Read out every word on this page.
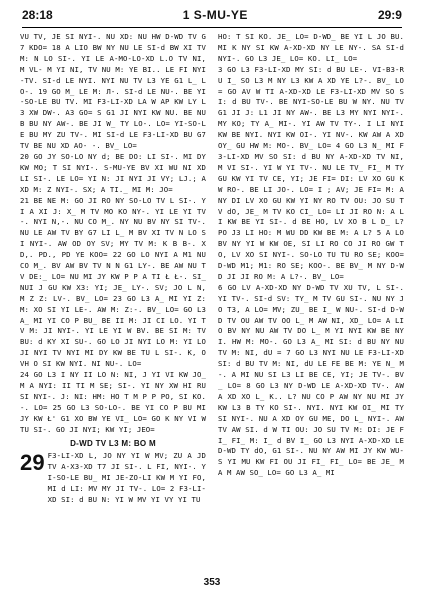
28:18	1 S-MU-YE	29:9

VU TV, JE SI NYI-. NU XD: NU HW D-WD TV G7 KDO= 18 A LIO BW NY NU LE SI-d BW XI TV M: N LO SI-. YI LE A-MO-LO-XD L.O TV NI, M VL- M YI NI, TV NU M: YE BI.. LE FI NYI-TV. SI-d LE NYI. NYI NU TV L3 YE G1 L_ LO-. 19 GO M_ LE M: Л-. SI-d LE NU-. BE YI-SO-LE BU TV. MI F3-LI-XD LA W AP KW LY L3 XW DW-. A3 GO= S G1 JI NYI KW NU. BE NU B BU NY AW-. BE JI W_ TY LO-. LO= YI-SO-LE BU MY ZU TV-. MI SI-d LE F3-LI-XD BU G7 TV BE NU XD AO- -. BV_ LO=

20 GO JY SO-LO NY d; BE DO: LI SI-. MI DY KW MO; T SI NYI-. S-MU-YE BV XI WU NI XD LI SI-. LE LO= YI N: JI NYI JI VY; LJ.; A XD M: Z NYI-. SX; A TI._ MI M: JO=

21 BE NE M: GO JI RO NY SO-LO TV L SI-. YI A XI J: X_ M TV MO KO NY-. YI LE YI TV-. NYI N,-. NU CO M_. NY NU BV NY SI TV-. NU LE AW TV BY G7 LI L_ M BV XI TV N LO SI NYI-. AW OD OY SV; MY TV M: K B B-. XD,. PD., PD YE KOO= 22 GO LO NYI A M1 NU CO M_. BV AW BV TV N N G1 LY-. BE AW NU TV DE:_ LO= NU MI JY KW P P A TI Ł Ł-. SI_ NUI J GU KW X3: YI; JE_ LY-. SV; JO L N, M Z Z: LV-. BV_ LO= 23 GO L3 A_ MI YI Z: M: XO SI YI LE-. AW M: Z:-. BV_ LO= GO L3 A_ MI YI CO P BU_ BE II M: JI CI LO. YI TV M: JI NYI-. YI LE YI W BV. BE SI M: TV BU: d KY XI SU-. GO LO JI NYI LO M: YI LO JI NYI TV NYI MI DY KW BE TU L SI-. K, O VH O SI KW NYI. NI NU-. LO=

24 GO L3 I NY II LO N: NI, J YI VI KW JO_ M A NYI: II TI M SE; SI-. YI NY XW HI RU SI NYI-. J: NI: HM: HO T M P P PO, SI KO.-. LO= 25 GO L3 SO-LO-. BE YI CO P BU MI JY KW Ł' G1 XO BW YE VI_ LO= GO K NY VI W TU SI-. GO JI NYI; KW YI; JEO=

D-WD TV L3 M: BO M
29 F3-LI-XD L, JO NY YI W MV; ZU A JD TV A-X3-XD T7 JI SI-. L FI, NYI-. YI-SO-LE BU_ MI JE-ZO-LI KW M YI FO, MI d LI: MV MY JI TV-. LO= 2 F3-LI-XD SI: d BU N: YI W MV YI VY YI TU

HO: T SI KO. JE_ LO= D-WD_ BE YI L JO BU. MI K NY SI KW A-XD-XD NY LE NY-. SA SI-d NYI-. GO L3 JE_ LO= KO. LI_ LO=

3 GO L3 F3-LI-XD MY SI: d BU LE-. VI-B3-RU I_ SO L3 M NY L3 KW A XD YE L?-. BV_ LO= GO AV W TI A-XD-XD LE F3-LI-XD MV SO SI: d BU TV-. BE NYI-SO-LE BU W NY. NU TV G1 JI J: L1 JI NY AW-. BE L3 MY NYI NYI-. MY KO; TY A_ MI-. YI AW TV TY-. I LI NYI KW BE NYI. NYI KW OI-. YI NV-. KW AW A XD OY_ GU HW M: MO-. BV_ LO= 4 GO L3 N_ MI F3-LI-XD MV SO SI: d BU NY A-XD-XD TV NI, M VI SI-. YI W YI TV-. NU LE TV_ FI_ M TY GU KW YI TV CE, YI; JE FI= DI: LV XO GU KW RO-. BE LI JO-. LO= I ; AV; JE FI= M: A NY DI LV XO GU KW YI NY RO TV OU: JO SU TV dO, JE_ M TV KO CI_ LO= LI JI RO N: A LI KW BE YI SI-. d BE HO, LV XO B L D_ L? PO J3 LI HO: M WU DD KW BE M: A L? 5 A LO BV NY YI W KW OE, SI LI RO CO JI RO GW TO, LV XO SI NYI-. SO-LO TU TU RO SE; KOO= D-WD M1; M1: RO SE; KOO-. BE BV_ M NY D-WD JI JI RO M: A L?-. BV_ LO=

6 GO LV A-XD-XD NY D-WD TV XU TV, L SI-. YI TV-. SI-d SV: TY_ M TV GU SI-. NU NY JO T3, A LO= MV; ZU_ BE I_ W NU-. SI-d D-WD TV OU AW TV OO L_ M AW NI, XD_ LO= A LIO BV NY NU AW TV DO L_ M YI NYI KW BE NYI. HW M: MO-. GO L3 A_ MI SI: d BU NY NU TV M: NI, dU = 7 GO L3 NYI NU LE F3-LI-XD SI: d BU TV M: NI, dU LE FE BE M: YE N_ M-. A MI NU SI L3 LI BE CE, YI; JE TV-. BV_ LO= 8 GO L3 NY D-WD LE A-XD-XD TV-. AW A XD XO L_ K.. L? NU CO P AW NY NU MI JY KW L3 B TY KO SI-. NYI. NYI KW OI_ MI TY SI NYI-. NU A XD OY GU ME, DO L_ NYI-. AW TV AW SI. d W TI OU: JO SU TV M: DI: JE FI_ FI_ M: I_ d BV I_ GO L3 NYI A-XD-XD LE D-WD TY dO, G1 SI-. NU NY AW MI JY KW WU-S YI MU KW FI OU JI FI_ FI_ LO= BE JE_ M A M AW SO_ LO= GO L3 A_ MI

353
